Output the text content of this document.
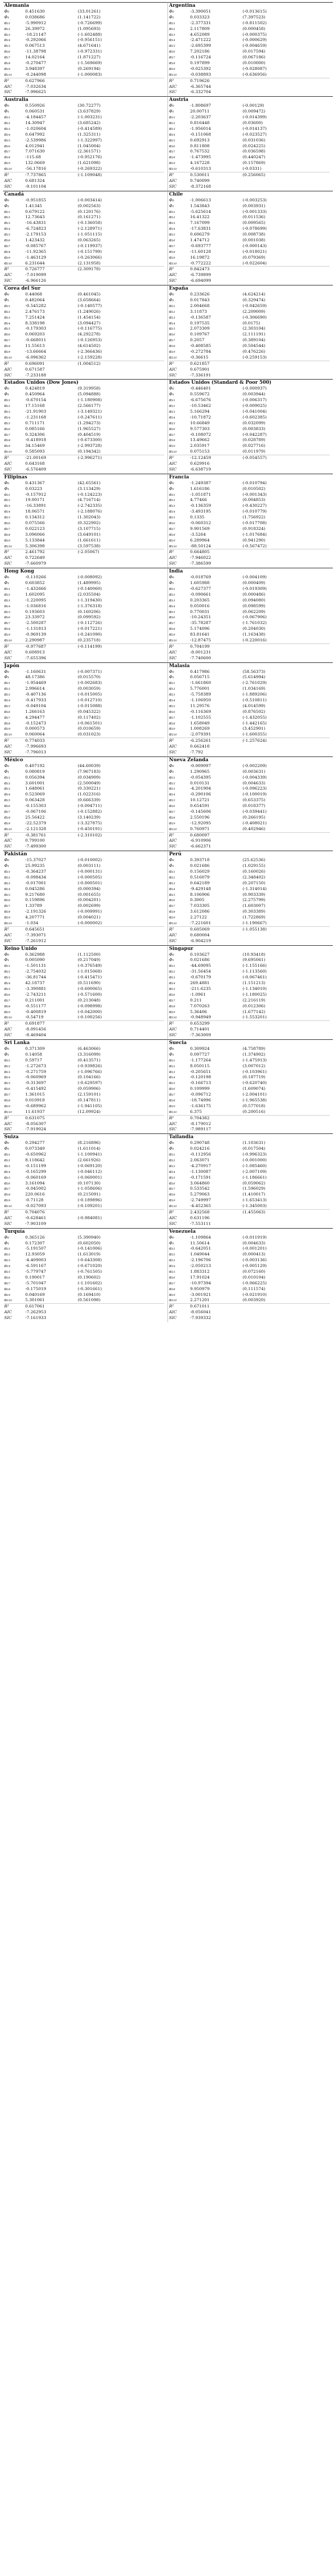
Alemania
Φ₀	0.451630	(33.01261)
Φ₁	0.038686	(1.141722)
α₁₁	-5.990912	(-0.726699)
α₁₂	26.39972	(1.095693)
α₁₃	-18.21147	(-1.602488)
α₁₄	-0.292066	(-0.956151)
α₁₅	0.067513	(4.671641)
α₁₆	-11.38798	(-0.972331)
α₁₇	14.02164	(1.871227)
α₁₈	-0.270477	(-1.569669)
α₁₉	3.948397	(0.269194)
α₁₁₀	-0.244098	(-1.000083)
R²	0.627966
AIC	-7.032634
SIC	-7.996625
Argentina
Φ₀	-3.390051	(-0.013615)
Φ₁	0.033323	(7.397523)
α₁₁	-2.377331	(-0.811502)
α₁₂	2.117809	(0.000458)
α₁₃	4.652089	(-0.000375)
α₁₄	-2.471222	(-0.000629)
α₁₅	-2.695399	(-0.004659)
α₁₆	7.202186	(0.017594)
α₁₇	-0.116724	(0.067186)
α₁₈	0.197899	(0.010000)
α₁₉	-0.025392	(-0.028087)
α₁₁₀	-0.038893	(-0.636956)
R²	0.719626
AIC	-6.365744
SIC	-6.332704
Australia
Φ₀	0.550926	(30.72277)
Φ₁	0.060531	(3.637829)
α₁₁	-4.184457	(-1.003231)
α₁₂	14.30947	(3.685242)
α₁₃	-1.020604	(-0.414589)
α₁₄	0.647992	(1.325311)
α₁₅	-2.539986	(-1.322997)
α₁₆	4.012941	(1.045004)
α₁₇	7.071630	(2.361571)
α₁₈	-115.68	(-0.952176)
α₁₉	132.0669	(1.621098)
α₁₁₀	-56.17816	(-0.269322)
R²	-7.737865	(-1.109048)
AIC	0.681324
SIC	-9.101104
Austria
Φ₀	-1.808697	(-0.00129)
Φ₁	20.00711	(0.009472)
α₁₁	-2.203637	(-0.014399)
α₁₂	0.816448	(0.03600)
α₁₃	-1.956014	(-0.014137)
α₁₄	-0.151068	(-0.023527)
α₁₅	0.692913	(0.031036)
α₁₆	0.811808	(0.024225)
α₁₇	0.767532	(0.036598)
α₁₈	-1.473995	(0.440247)
α₁₉	4.167228	(0.157869)
α₁₁₀	-0.610313	(-0.0331)
R²	0.530011	(0.256065)
AIC	0.740099
SIC	-8.372168
Canadá
Φ₀	-0.951855	(-0.003414)
Φ₁	1.41345	(0.002563)
α₁₁	0.679122	(0.120176)
α₁₂	12.73643	(0.161271)
α₁₃	-16.43831	(-0.136058)
α₁₄	-6.724823	(-2.128971)
α₁₅	-2.179153	(-1.051115)
α₁₆	1.423432	(0.063265)
α₁₇	-0.085767	(-0.119937)
α₁₈	-11.92365	(-0.151799)
α₁₉	-1.463129	(-0.263066)
α₁₁₀	6.231644	(2.131958)
R²	0.726777	(2.309178)
AIC	-7.019099
SIC	-6.966126
Chile
Φ₀	-1.006613	(-0.003253)
Φ₁	1.543843	(0.003931)
α₁₁	-5.625614	(-0.001333)
α₁₂	16.41322	(0.011536)
α₁₃	7.167099	(0.009565)
α₁₄	-17.63831	(-0.078699)
α₁₅	0.606279	(0.008738)
α₁₆	1.474712	(0.001038)
α₁₇	-0.693777	(-0.000143)
α₁₈	-11.60128	(-0.018021)
α₁₉	16.19872	(0.079369)
α₁₁₀	-0.772222	(-0.022604)
R²	0.842473
AIC	-6.739899
SIC	-6.694099
Corea del Sur
Φ₀	0.44068	(0.461045)
Φ₁	0.482064	(3.658664)
α₁₁	-0.545282	(-0.140577)
α₁₂	2.476173	(1.249026)
α₁₃	7.251424	(1.454154)
α₁₄	8.338198	(3.094427)
α₁₅	-0.179303	(-0.116775)
α₁₆	0.069203	(4.292278)
α₁₇	-0.668011	(-0.126953)
α₁₈	11.55613	(4.614502)
α₁₉	-13.66664	(-2.366436)
α₁₁₀	-6.096362	(-2.159228)
R²	0.696091	(1.004512)
AIC	0.671587
SIC	-7.233188
España
Φ₀	0.233626	(4.624214)
Φ₁	0.017843	(0.329474)
α₁₁	2.004668	(-0.042659)
α₁₂	3.11873	(2.209009)
α₁₃	-0.136587	(-0.306690)
α₁₄	0.197535	(0.0175)
α₁₅	2.073309	(2.303104)
α₁₆	0.109767	(2.111191)
α₁₇	0.2057	(0.389104)
α₁₈	-0.408585	(0.504544)
α₁₉	-0.272784	(0.476226)
α₁₁₀	-0.36615	(-0.259153)
R²	0.621857
AIC	0.675901
SIC	-7.336191
Estados Unidos (Dow Jones)
Φ₀	0.424819	(9.319958)
Φ₁	0.450964	(5.094888)
α₁₁	-0.670154	(-1.180908)
α₁₂	17.15168	(2.566177)
α₁₃	-21.91903	(-3.149321)
α₁₄	-1.231168	(-0.247611)
α₁₅	0.711171	(1.294273)
α₁₆	0.085166	(1.965527)
α₁₇	0.324306	(0.404519)
α₁₈	-0.418918	(-0.673300)
α₁₉	34.15469	(-2.993728)
α₁₁₀	0.585093	(0.194342)
R²	-21.00169	(-2.996271)
AIC	0.643168
SIC	-6.576409
Estados Unidos (Standard & Poor 500)
Φ₀	-0.446401	(-0.000937)
Φ₁	0.559672	(0.003944)
α₁₁	-6.675676	(-0.006317)
α₁₂	-10.53462	(-0.009025)
α₁₃	5.166294	(-0.041004)
α₁₄	-10.71872	(-0.602385)
α₁₅	10.66849	(0.032099)
α₁₆	9.577303	(0.003833)
α₁₇	-0.108072	(-0.042287)
α₁₈	13.49662	(0.028789)
α₁₉	2.035917	(0.027716)
α₁₁₀	0.075153	(0.011979)
R²	-12.12459	(-0.054557)
AIC	0.629916
SIC	-6.638719
Filipinas
Φ₀	0.431367	(42.65561)
Φ₁	0.03223	(3.113429)
α₁₁	-0.157912	(-0.124223)
α₁₂	19.00171	(4.716714)
α₁₃	-16.33891	(-2.742335)
α₁₄	18.06571	(-2.188076)
α₁₅	0.134312	(1.302043)
α₁₆	0.075566	(0.322902)
α₁₇	0.022123	(3.107715)
α₁₈	3.096066	(3.649101)
α₁₉	5.133844	(1.661611)
α₁₁₀	5.306398	(3.597538)
R²	2.461792	(-2.05067)
AIC	0.722649
SIC	-7.660979
Francia
Φ₀	-1.249387	(-0.010794)
Φ₁	1.616186	(0.010502)
α₁₁	-1.051871	(-0.001343)
α₁₂	4.77466	(0.004853)
α₁₃	-0.136359	(-0.430227)
α₁₄	-3.493195	(-0.010779)
α₁₅	0.1335	(1.756922)
α₁₆	-0.060312	(-0.017708)
α₁₇	9.901569	(0.918324)
α₁₈	-3.5264	(-1.017684)
α₁₉	6.289964	(0.941290)
α₁₁₀	-88.50124	(-0.567472)
R²	0.664805
AIC	-7.946022
SIC	-7.386599
Hong Kong
Φ₀	-0.110266	(-0.008092)
Φ₁	0.603852	(1.489995)
α₁₁	-1.432666	(-0.140060)
α₁₂	1.602095	(2.035504)
α₁₃	-1.220095	(-1.319430)
α₁₄	-1.036816	(-1.376318)
α₁₅	0.193603	(0.160206)
α₁₆	23.33972	(0.099592)
α₁₇	-2.500287	(-0.112726)
α₁₈	-1.131813	(-0.017221)
α₁₉	-0.969139	(-0.241090)
α₁₁₀	2.290987	(0.235718)
R²	-0.977687	(-0.114199)
AIC	0.608913
SIC	-7.655396
India
Φ₀	-0.018769	(-0.004109)
Φ₁	1.605988	(0.000409)
α₁₁	-0.627377	(-0.019309)
α₁₂	-0.090661	(0.000486)
α₁₃	0.203365	(0.094080)
α₁₄	0.050016	(0.098599)
α₁₅	0.770031	(0.062209)
α₁₆	-10.24351	(-0.067906)
α₁₇	-35.78287	(-1.761032)
α₁₈	5.174096	(0.204030)
α₁₉	83.81641	(1.163438)
α₁₁₀	-12.87475	(-0.220016)
R²	0.704199
AIC	-8.001231
SIC	-7.740600
Japón
Φ₀	-1.160631	(-0.007371)
Φ₁	48.17386	(0.015570)
α₁₁	-1.954469	(-0.002683)
α₁₂	2.996614	(0.003059)
α₁₃	-0.407136	(-0.015005)
α₁₄	-0.417933	(-0.012710)
α₁₅	-0.049104	(-0.015088)
α₁₆	1.266163	(0.045322)
α₁₇	4.294477	(0.117402)
α₁₈	-0.152473	(-0.061501)
α₁₉	0.000573	(0.010659)
α₁₁₀	0.060064	(0.031023)
R²	0.774033
AIC	-7.996693
SIC	-7.796013
Malasia
Φ₀	0.417986	(58.56373)
Φ₁	0.056715	(5.614994)
α₁₁	-1.661860	(-2.761029)
α₁₂	5.776001	(1.034169)
α₁₃	-5.758389	(-1.889206)
α₁₄	-1.106950	(-0.510811)
α₁₅	11.29576	(4.014599)
α₁₆	-0.116369	(0.876502)
α₁₇	-1.102555	(-1.432055)
α₁₈	1.658049	(-1.442165)
α₁₉	1.008269	(3.452901)
α₁₁₀	-2.079391	(-1.600355)
R²	-6.256261	(-1.257624)
AIC	0.662418
SIC	-7.792
México
Φ₀	0.407192	(44.60039)
Φ₁	0.080819	(7.967183)
α₁₁	0.056394	(0.034909)
α₁₂	3.601001	(2.500049)
α₁₃	1.648061	(0.330221)
α₁₄	0.523069	(1.022316)
α₁₅	0.063428	(0.666339)
α₁₆	-0.155303	(-0.004711)
α₁₇	-0.067106	(-0.152882)
α₁₈	25.56422	(3.140239)
α₁₉	-22.52379	(-3.327875)
α₁₁₀	-2.121328	(-0.450191)
R²	-0.381761	(-2.310102)
AIC	0.799100
SIC	-7.499300
Nueva Zelanda
Φ₀	-0.009097	(-0.002209)
Φ₁	1.290965	(0.003631)
α₁₁	-0.054395	(-0.004339)
α₁₂	0.010131	(0.004633)
α₁₃	-4.201904	(-0.096223)
α₁₄	-0.290106	(-0.100019)
α₁₅	10.12721	(0.653375)
α₁₆	0.654591	(0.018377)
α₁₇	-0.145606	(-0.039441)
α₁₈	2.550196	(0.266195)
α₁₉	-12.92095	(-0.408021)
α₁₁₀	0.760971	(0.402946)
R²	0.680097
AIC	-6.910906
SIC	-6.662371
Pakistán
Φ₀	-15.37027	(-0.010002)
Φ₁	25.99235	(0.003111)
α₁₁	-0.364237	(-0.000131)
α₁₂	-0.098434	(-0.000505)
α₁₃	-0.017001	(-0.000501)
α₁₄	0.045286	(0.000394)
α₁₅	9.217680	(0.001655)
α₁₆	0.159896	(0.004201)
α₁₇	1.33789	(0.002699)
α₁₈	-2.191326	(-0.009991)
α₁₉	4.207771	(0.004021)
α₁₁₀	-1.034	(-0.000002)
R²	0.645651
AIC	-7.393071
SIC	-7.261912
Perú
Φ₀	0.393718	(25.62536)
Φ₁	0.021686	(1.029155)
α₁₁	0.156029	(0.160026)
α₁₂	0.516079	(2.348402)
α₁₃	0.642189	(0.207150)
α₁₄	-9.429148	(-1.314014)
α₁₅	8.106906	(0.903339)
α₁₆	0.3005	(2.275799)
α₁₇	7.033305	(1.603007)
α₁₈	3.612086	(0.303389)
α₁₉	2.27122	(1.722869)
α₁₁₀	-7.221601	(-1.190667)
R²	0.605069	(-1.055138)
AIC	0.680004
SIC	-6.904219
Reino Unido
Φ₀	0.362988	(1.112500)
Φ₁	0.005090	(0.217049)
α₁₁	-1.501131	(-0.376549)
α₁₂	-2.754032	(-1.015068)
α₁₃	-36.81744	(-0.415471)
α₁₄	42.18737	(0.511690)
α₁₅	-3.390881	(-0.600065)
α₁₆	-2.743211	(-0.571600)
α₁₇	0.211001	(0.213048)
α₁₈	-0.551177	(-0.098998)
α₁₉	-0.400819	(-0.042000)
α₁₁₀	-0.54719	(-0.100256)
R²	0.691877
AIC	-8.091456
SIC	-8.469404
Singapur
Φ₀	0.103627	(10.93418)
Φ₁	0.021686	(9.695061)
α₁₁	-44.69095	(-1.155166)
α₁₂	-31.56454	(-1.113560)
α₁₃	-0.670179	(-0.067461)
α₁₄	269.4881	(1.151213)
α₁₅	-211.6235	(-1.134010)
α₁₆	-1.0961	(-1.180025)
α₁₇	0.211	(2.216119)
α₁₈	7.070263	(0.012306)
α₁₉	5.36406	(1.677142)
α₁₁₀	-0.948949	(-1.553201)
R²	0.653299
AIC	0.714401
SIC	-7.363009
Sri Lanka
Φ₀	0.371309	(6.463066)
Φ₁	0.14058	(3.316099)
α₁₁	0.59717	(0.413571)
α₁₂	-1.272673	(-0.939826)
α₁₃	-0.271759	(-1.096766)
α₁₄	-0.060969	(0.104166)
α₁₅	-0.313697	(-0.629597)
α₁₆	-0.415492	(0.059906)
α₁₇	1.361015	(2.159101)
α₁₈	0.010918	(0.147811)
α₁₉	-0.689962	(-1.941105)
α₁₁₀	11.61937	(12.09924)
R²	0.631075
AIC	-8.056307
SIC	-7.919024
Suecia
Φ₀	0.309924	(4.758789)
Φ₁	0.097727	(1.374902)
α₁₁	-1.177264	(-1.475913)
α₁₂	8.050115	(3.007012)
α₁₃	-0.205651	(-0.103961)
α₁₄	-0.120198	(0.187719)
α₁₅	-0.166713	(-0.620740)
α₁₆	0.109999	(1.609074)
α₁₇	-0.096712	(-2.004101)
α₁₈	-18.74996	(-1.965538)
α₁₉	-1.636175	(0.577018)
α₁₁₀	6.375	(0.200516)
R²	0.704382
AIC	-8.179012
SIC	-7.989117
Suiza
Φ₀	0.294277	(8.216896)
Φ₁	0.073349	(1.611014)
α₁₁	-0.650962	(-1.100941)
α₁₂	8.118642	(2.661926)
α₁₃	-0.151199	(-0.069120)
α₁₄	-0.165299	(-0.046112)
α₁₅	-0.060169	(-0.060001)
α₁₆	3.161094	(0.107130)
α₁₇	-0.045002	(-1.058606)
α₁₈	220.0616	(0.215091)
α₁₉	-0.71128	(-0.189896)
α₁₁₀	-0.027093	(-0.109201)
R²	0.704076
AIC	-0.628461	(-0.984081)
SIC	-7.903109
Tailandia
Φ₀	0.290748	(1.103631)
Φ₁	0.024216	(0.017504)
α₁₁	-0.112956	(-0.996323)
α₁₂	2.063071	(-0.001000)
α₁₃	-4.270917	(-1.085460)
α₁₄	-1.130087	(-2.007109)
α₁₅	-0.171591	(-1.186661)
α₁₆	3.064860	(0.059062)
α₁₇	0.533542	(1.596029)
α₁₈	5.279063	(1.410017)
α₁₉	-2.749997	(-1.653413)
α₁₁₀	-4.452365	(-1.345003)
R²	2.432568	(1.455063)
AIC	0.631196
SIC	-7.553111
Turquía
Φ₀	0.365126	(5.390940)
Φ₁	0.172307	(0.602050)
α₁₁	-5.191507	(-0.141006)
α₁₂	12.93059	(1.613019)
α₁₃	-4.409003	(-0.643308)
α₁₄	-6.591167	(-0.671020)
α₁₅	-5.779747	(-0.761505)
α₁₆	0.190017	(0.190602)
α₁₇	-5.701047	(-1.101602)
α₁₈	-0.175019	(-0.301661)
α₁₉	0.040169	(0.169410)
α₁₁₀	5.301061	(0.561098)
R²	0.617061
AIC	-7.262953
SIC	-7.161933
Venezuela
Φ₀	-1.109864	(-0.011919)
Φ₁	11.50614	(0.004633)
α₁₁	-0.642051	(-0.001201)
α₁₂	1.049044	(0.000413)
α₁₃	-2.196706	(-0.003136)
α₁₄	-2.050213	(-0.005129)
α₁₅	1.883312	(0.072160)
α₁₆	17.91024	(0.010104)
α₁₇	-10.97394	(-0.066225)
α₁₈	9.950979	(0.111574)
α₁₉	-3.001921	(-0.021910)
α₁₁₀	2.271201	(0.003920)
R²	0.671011
AIC	-8.056041
SIC	-7.939332
